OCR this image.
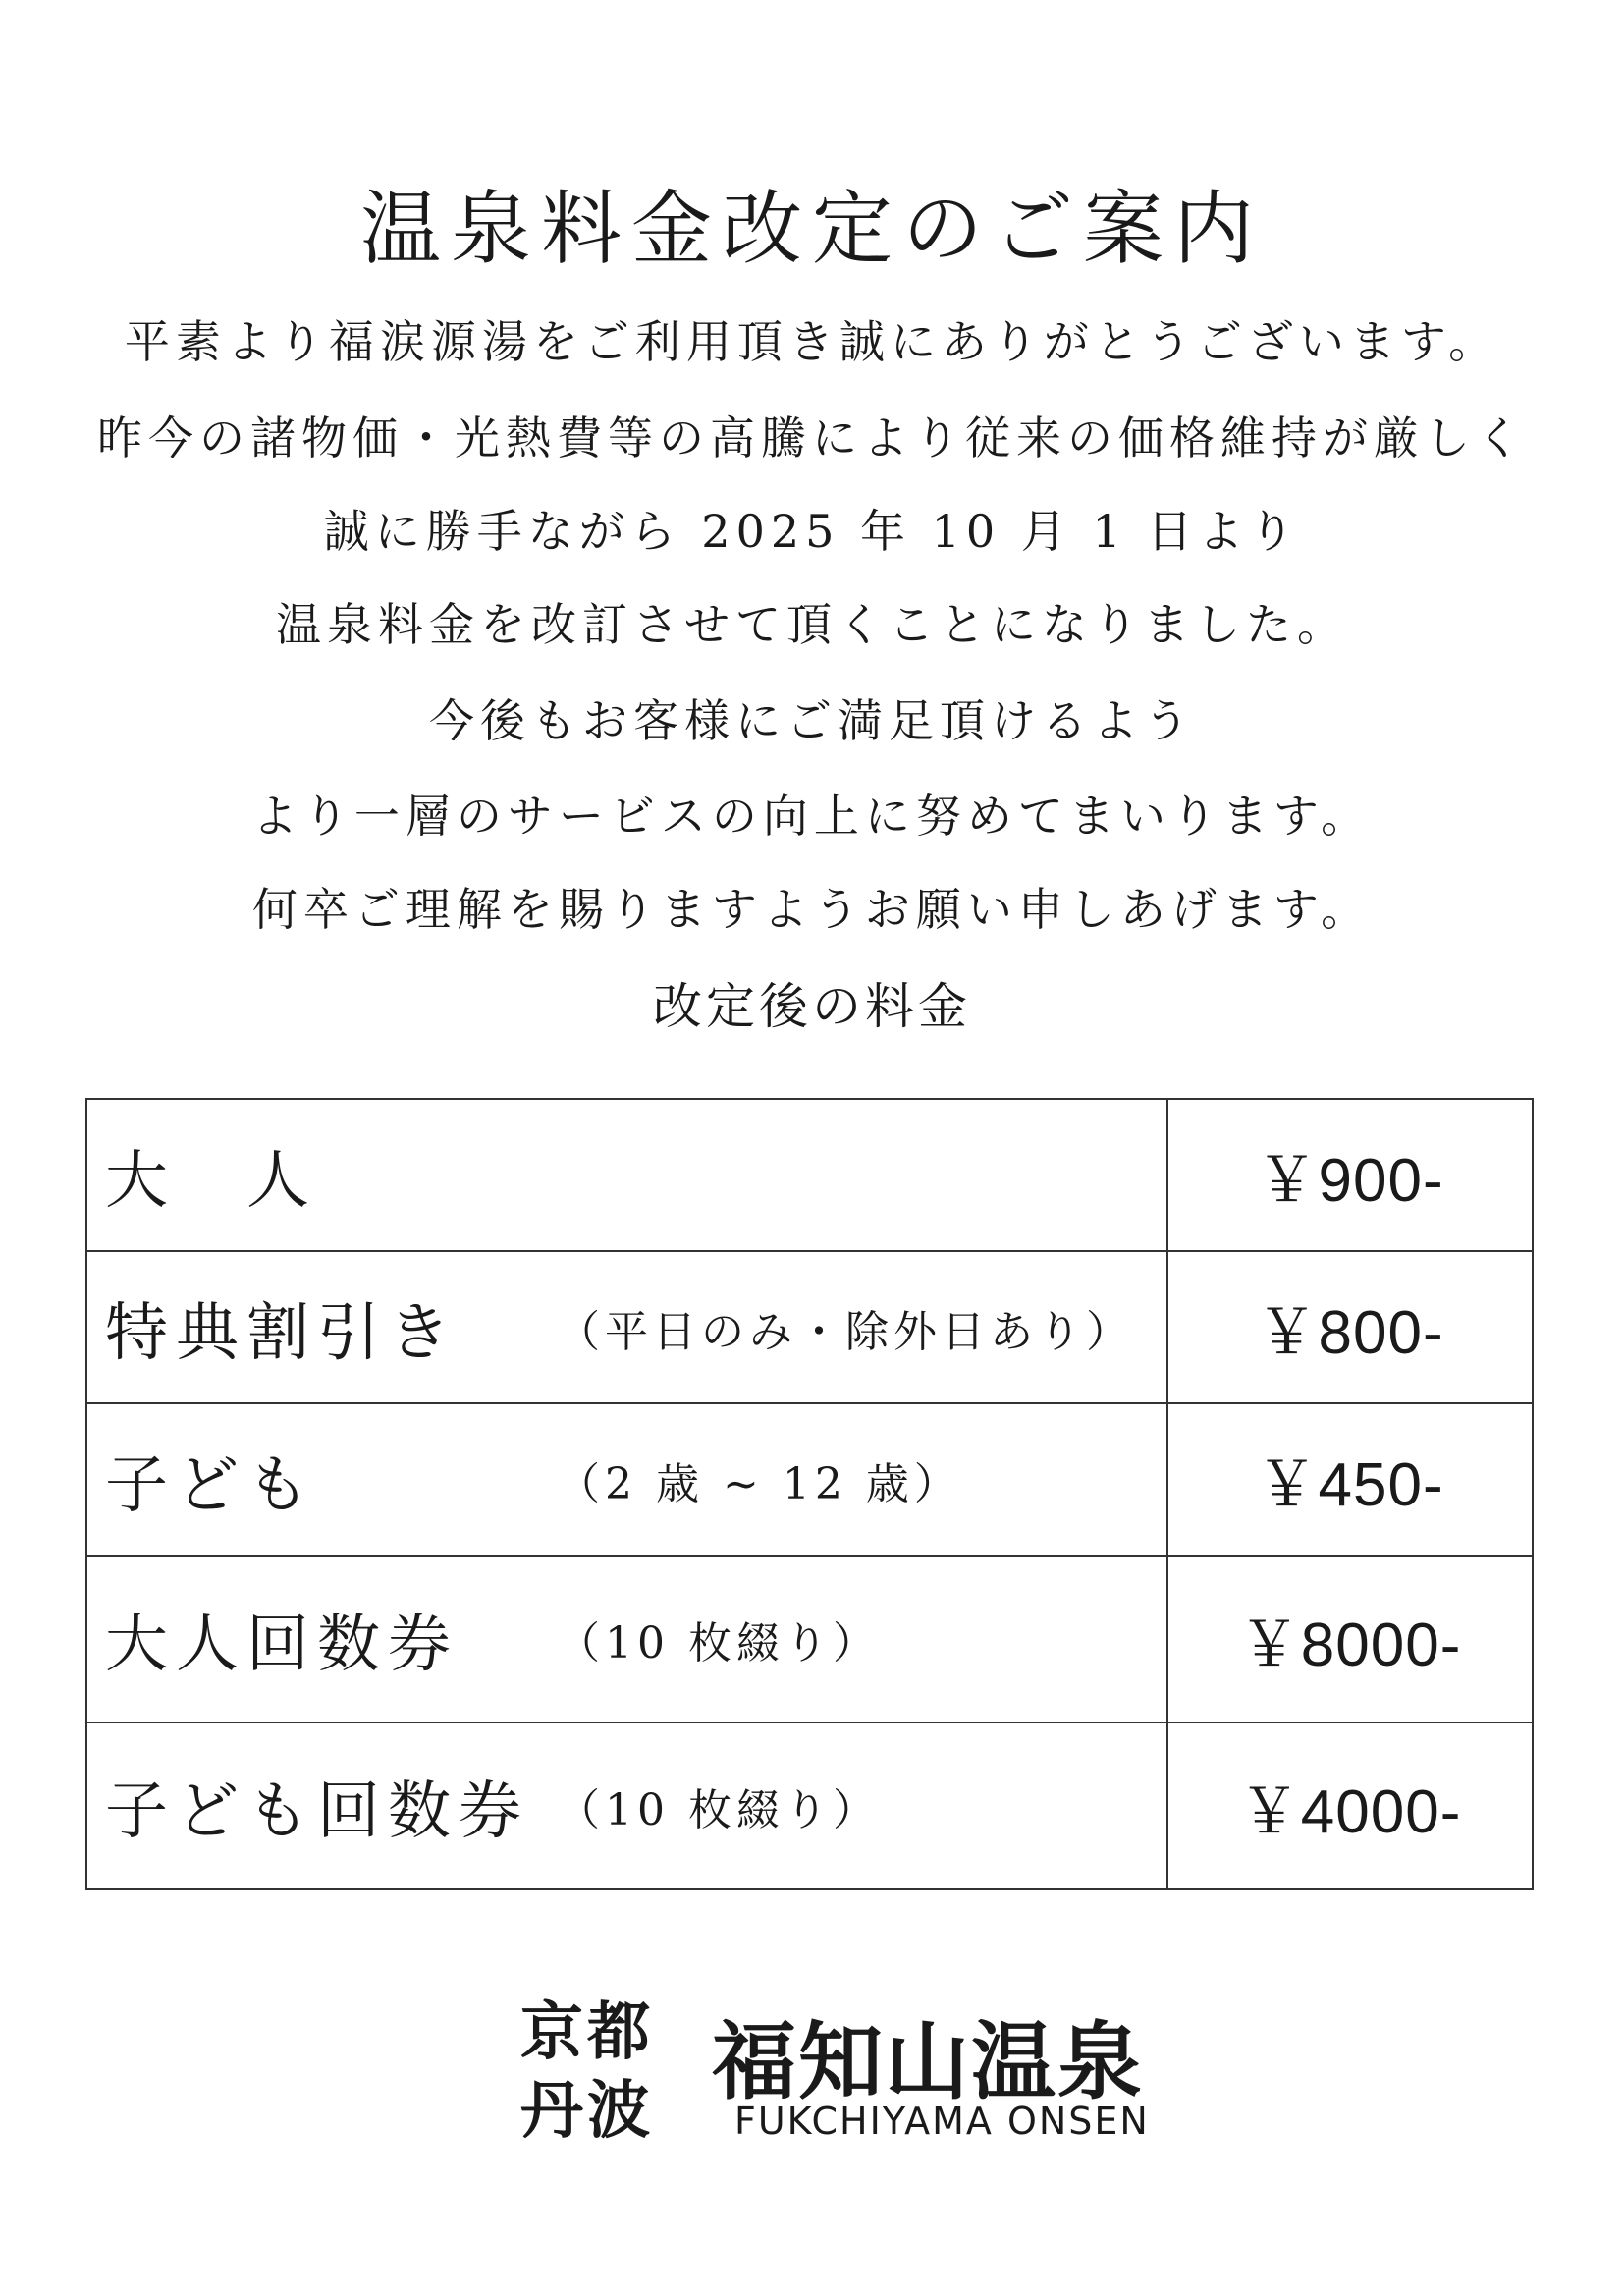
温泉料金改定のご案内
平素より福涙源湯をご利用頂き誠にありがとうございます。
昨今の諸物価・光熱費等の高騰により従来の価格維持が厳しく
誠に勝手ながら 2025 年 10 月 1 日より
温泉料金を改訂させて頂くことになりました。
今後もお客様にご満足頂けるよう
より一層のサービスの向上に努めてまいります。
何卒ご理解を賜りますようお願い申しあげます。
改定後の料金
大　人	￥900-
特典割引き （平日のみ・除外日あり）	￥800-
子ども （2 歳 ~ 12 歳）	￥450-
大人回数券 （10 枚綴り）	￥8000-
子ども回数券 （10 枚綴り）	￥4000-
京都
丹波 福知山温泉
FUKCHIYAMA ONSEN
